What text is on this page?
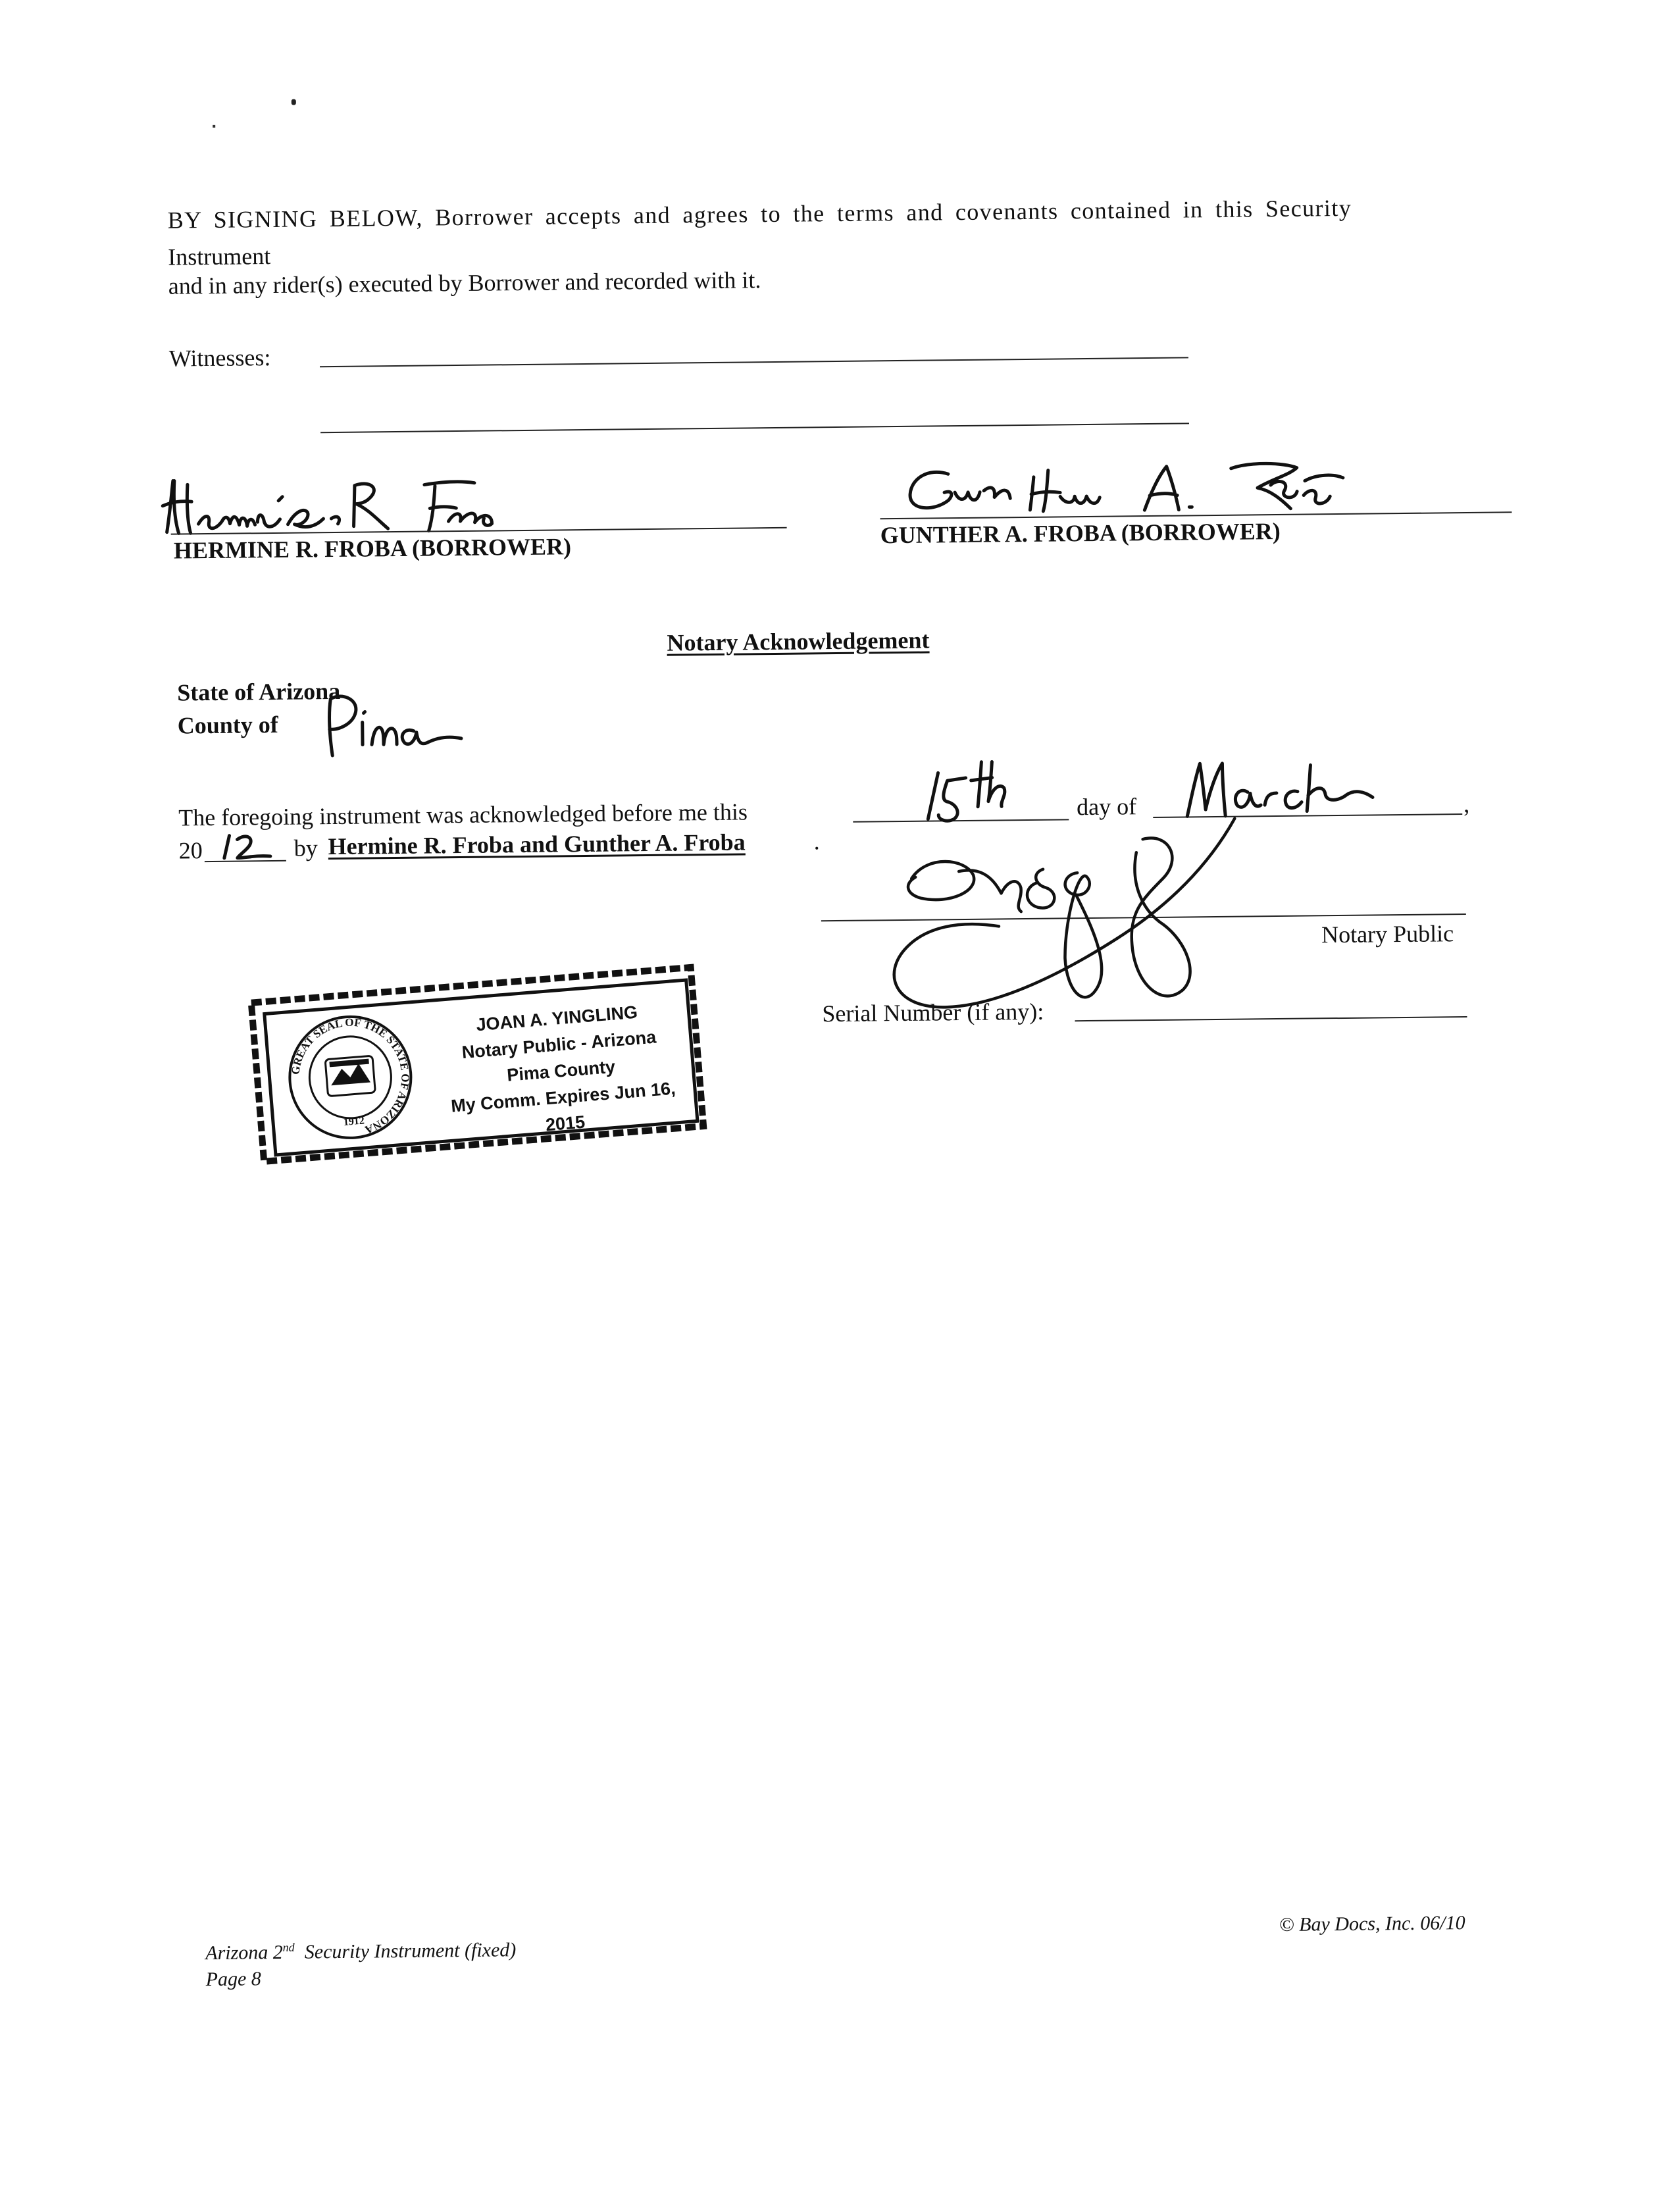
BY SIGNING BELOW, Borrower accepts and agrees to the terms and covenants contained in this Security
Instrument
and in any rider(s) executed by Borrower and recorded with it.
Witnesses:
HERMINE R. FROBA (BORROWER)
GUNTHER A. FROBA (BORROWER)
Notary Acknowledgement
State of Arizona
County of
The foregoing instrument was acknowledged before me this	day of	,
20	by Hermine R. Froba and Gunther A. Froba	.
Notary Public
Serial Number (if any):
GREAT SEAL OF THE STATE OF ARIZONA
1912
JOAN A. YINGLING
Notary Public - Arizona
Pima County
My Comm. Expires Jun 16, 2015
Arizona 2nd Security Instrument (fixed)
Page 8
© Bay Docs, Inc. 06/10
